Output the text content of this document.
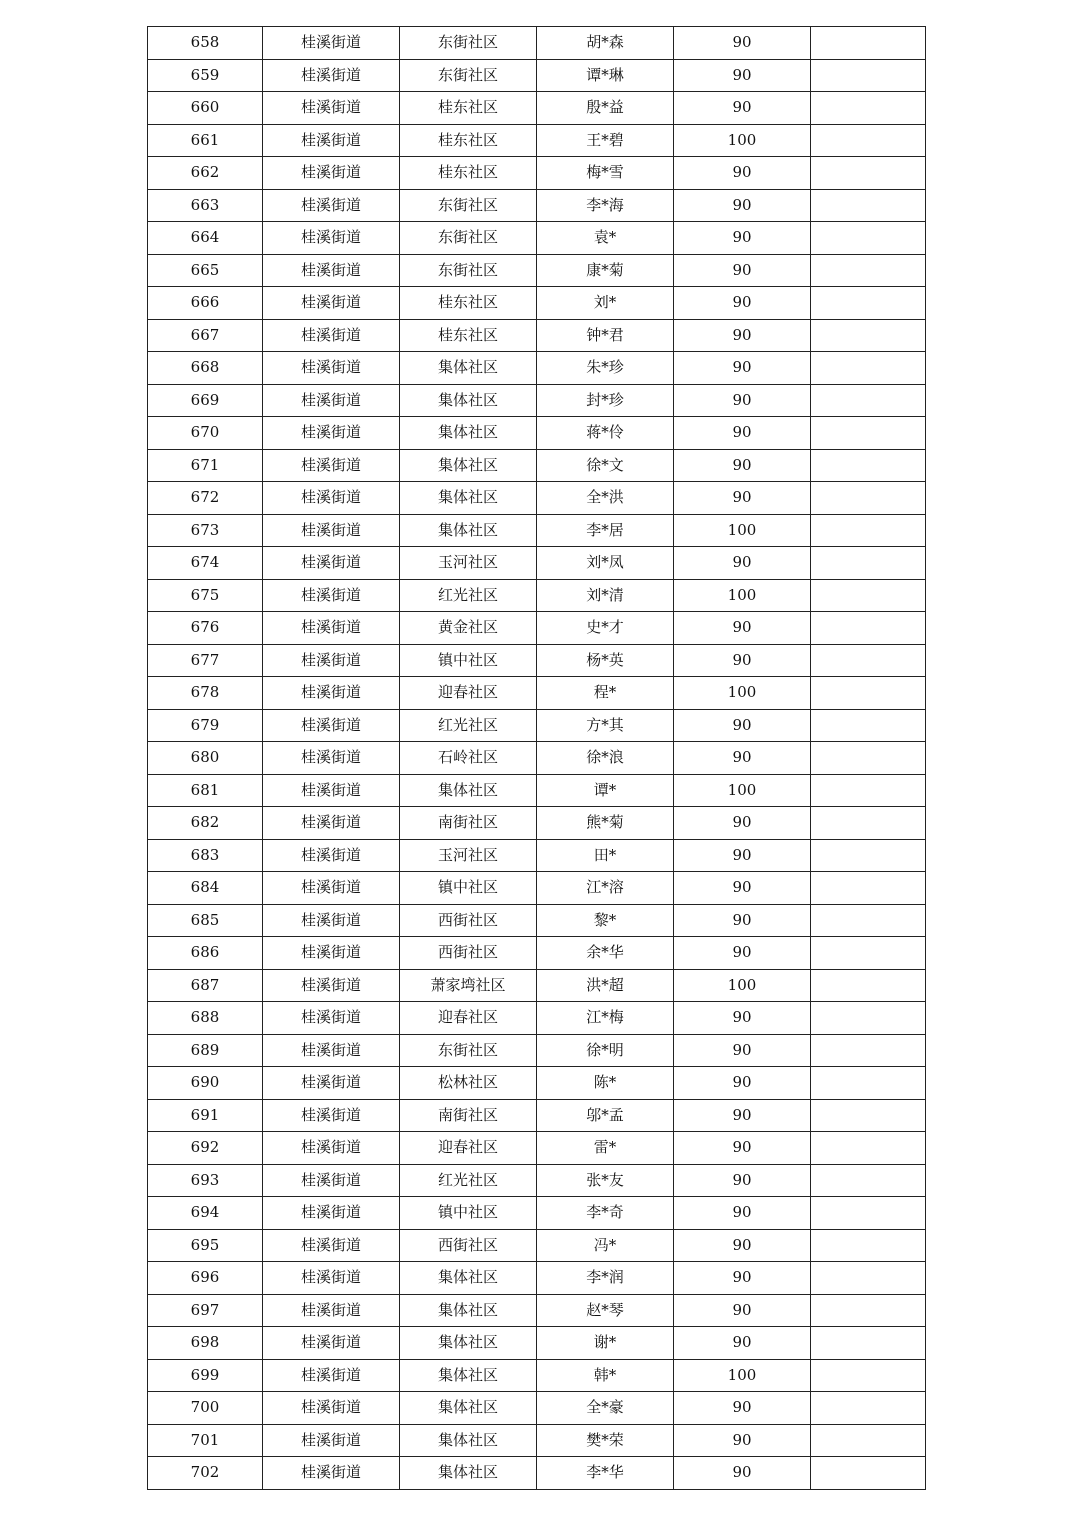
658	桂溪街道	东街社区	胡*森	90	
659	桂溪街道	东街社区	谭*琳	90	
660	桂溪街道	桂东社区	殷*益	90	
661	桂溪街道	桂东社区	王*碧	100	
662	桂溪街道	桂东社区	梅*雪	90	
663	桂溪街道	东街社区	李*海	90	
664	桂溪街道	东街社区	袁*	90	
665	桂溪街道	东街社区	康*菊	90	
666	桂溪街道	桂东社区	刘*	90	
667	桂溪街道	桂东社区	钟*君	90	
668	桂溪街道	集体社区	朱*珍	90	
669	桂溪街道	集体社区	封*珍	90	
670	桂溪街道	集体社区	蒋*伶	90	
671	桂溪街道	集体社区	徐*文	90	
672	桂溪街道	集体社区	全*洪	90	
673	桂溪街道	集体社区	李*居	100	
674	桂溪街道	玉河社区	刘*凤	90	
675	桂溪街道	红光社区	刘*清	100	
676	桂溪街道	黄金社区	史*才	90	
677	桂溪街道	镇中社区	杨*英	90	
678	桂溪街道	迎春社区	程*	100	
679	桂溪街道	红光社区	方*其	90	
680	桂溪街道	石岭社区	徐*浪	90	
681	桂溪街道	集体社区	谭*	100	
682	桂溪街道	南街社区	熊*菊	90	
683	桂溪街道	玉河社区	田*	90	
684	桂溪街道	镇中社区	江*溶	90	
685	桂溪街道	西街社区	黎*	90	
686	桂溪街道	西街社区	余*华	90	
687	桂溪街道	萧家塆社区	洪*超	100	
688	桂溪街道	迎春社区	江*梅	90	
689	桂溪街道	东街社区	徐*明	90	
690	桂溪街道	松林社区	陈*	90	
691	桂溪街道	南街社区	邬*孟	90	
692	桂溪街道	迎春社区	雷*	90	
693	桂溪街道	红光社区	张*友	90	
694	桂溪街道	镇中社区	李*奇	90	
695	桂溪街道	西街社区	冯*	90	
696	桂溪街道	集体社区	李*润	90	
697	桂溪街道	集体社区	赵*琴	90	
698	桂溪街道	集体社区	谢*	90	
699	桂溪街道	集体社区	韩*	100	
700	桂溪街道	集体社区	全*豪	90	
701	桂溪街道	集体社区	樊*荣	90	
702	桂溪街道	集体社区	李*华	90	
